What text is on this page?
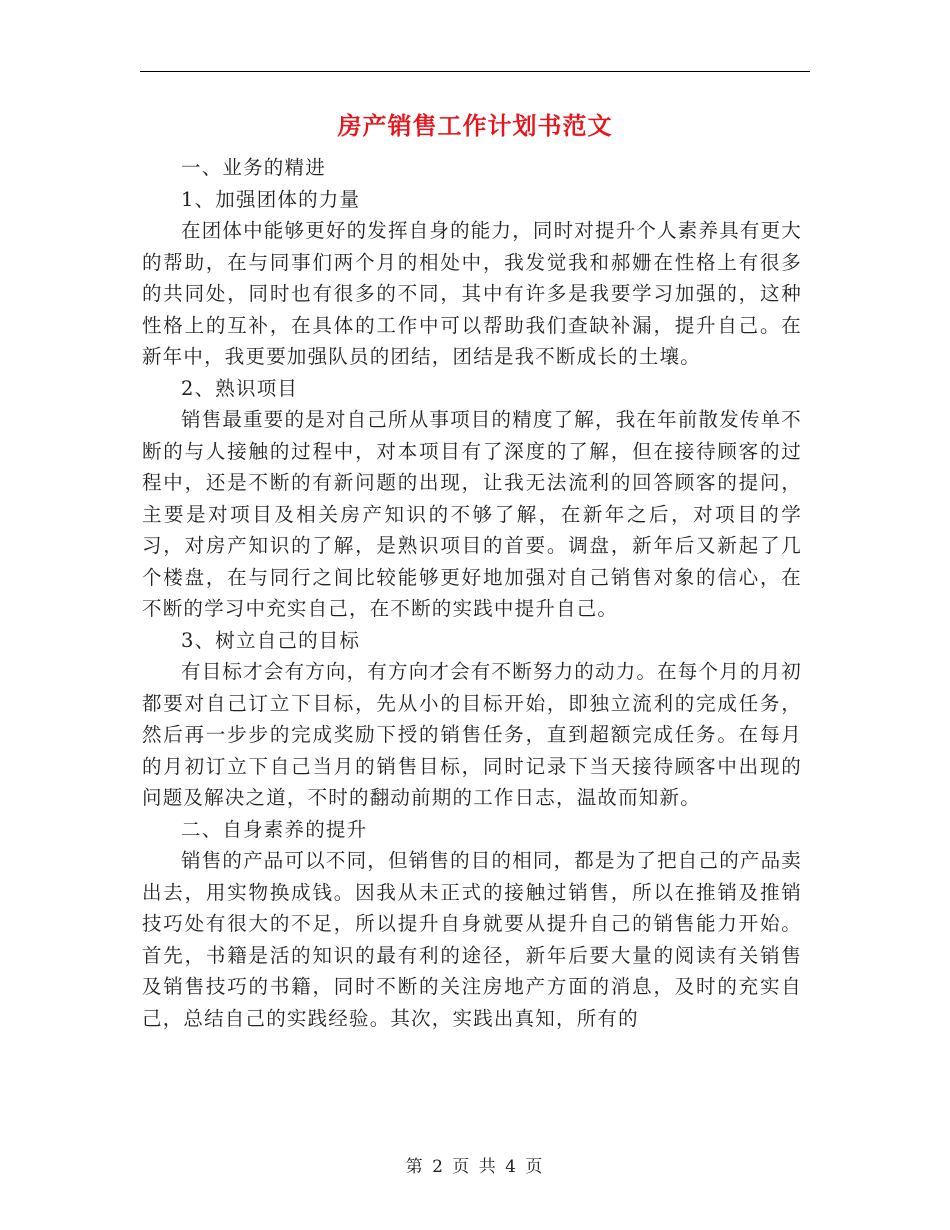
房产销售工作计划书范文

一、业务的精进

1、加强团体的力量

在团体中能够更好的发挥自身的能力，同时对提升个人素养具有更大的帮助，在与同事们两个月的相处中，我发觉我和郝姗在性格上有很多的共同处，同时也有很多的不同，其中有许多是我要学习加强的，这种性格上的互补，在具体的工作中可以帮助我们查缺补漏，提升自己。在新年中，我更要加强队员的团结，团结是我不断成长的土壤。

2、熟识项目

销售最重要的是对自己所从事项目的精度了解，我在年前散发传单不断的与人接触的过程中，对本项目有了深度的了解，但在接待顾客的过程中，还是不断的有新问题的出现，让我无法流利的回答顾客的提问，主要是对项目及相关房产知识的不够了解，在新年之后，对项目的学习，对房产知识的了解，是熟识项目的首要。调盘，新年后又新起了几个楼盘，在与同行之间比较能够更好地加强对自己销售对象的信心，在不断的学习中充实自己，在不断的实践中提升自己。

3、树立自己的目标

有目标才会有方向，有方向才会有不断努力的动力。在每个月的月初都要对自己订立下目标，先从小的目标开始，即独立流利的完成任务，然后再一步步的完成奖励下授的销售任务，直到超额完成任务。在每月的月初订立下自己当月的销售目标，同时记录下当天接待顾客中出现的问题及解决之道，不时的翻动前期的工作日志，温故而知新。

二、自身素养的提升

销售的产品可以不同，但销售的目的相同，都是为了把自己的产品卖出去，用实物换成钱。因我从未正式的接触过销售，所以在推销及推销技巧处有很大的不足，所以提升自身就要从提升自己的销售能力开始。首先，书籍是活的知识的最有利的途径，新年后要大量的阅读有关销售及销售技巧的书籍，同时不断的关注房地产方面的消息，及时的充实自己，总结自己的实践经验。其次，实践出真知，所有的

第 2 页 共 4 页
